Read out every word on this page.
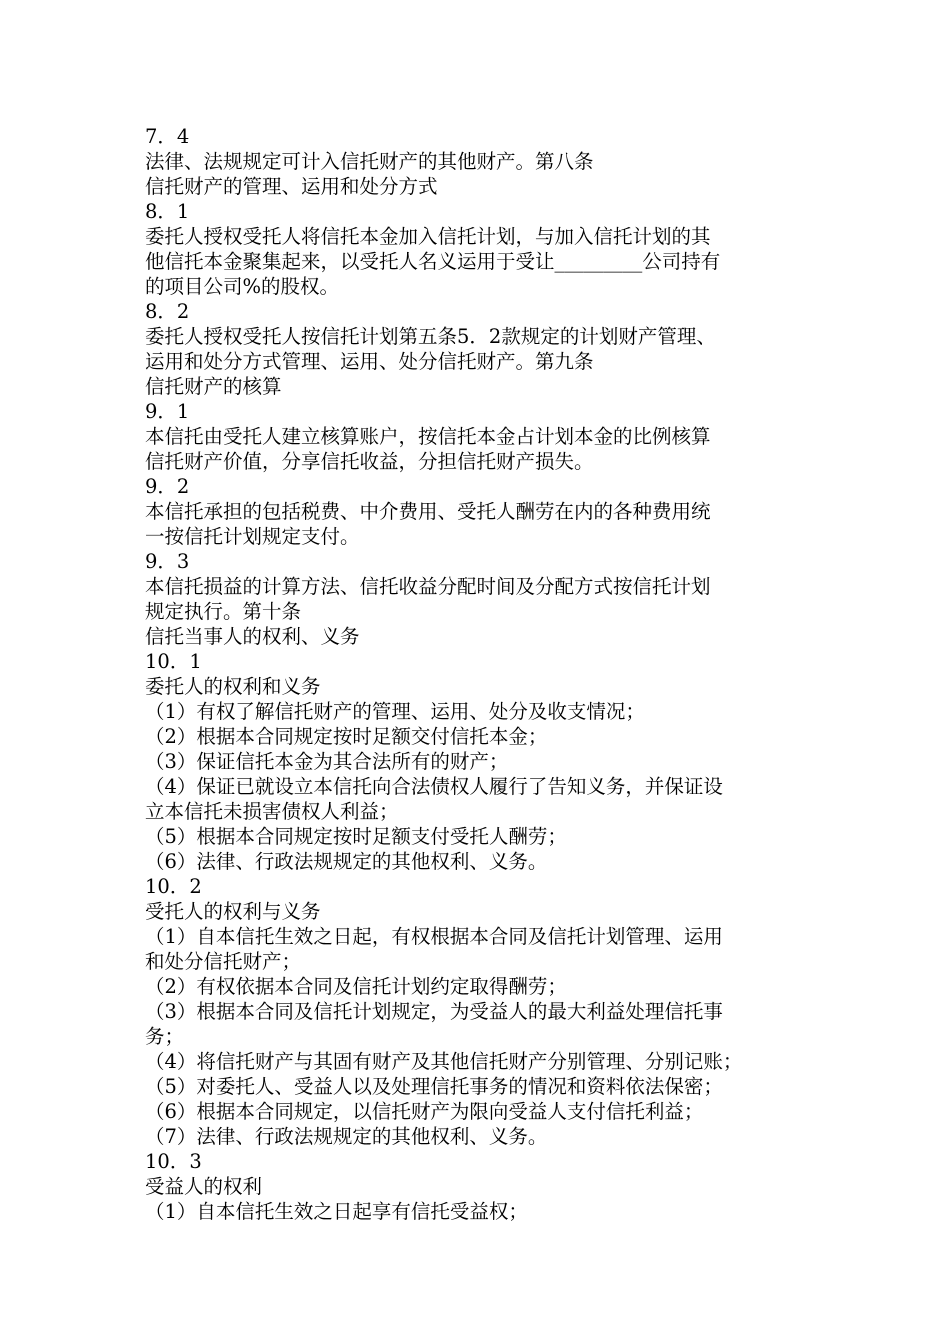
7．4
法律、法规规定可计入信托财产的其他财产。第八条
信托财产的管理、运用和处分方式
8．1
委托人授权受托人将信托本金加入信托计划，与加入信托计划的其
他信托本金聚集起来，以受托人名义运用于受让_________公司持有
的项目公司%的股权。
8．2
委托人授权受托人按信托计划第五条5．2款规定的计划财产管理、
运用和处分方式管理、运用、处分信托财产。第九条
信托财产的核算
9．1
本信托由受托人建立核算账户，按信托本金占计划本金的比例核算
信托财产价值，分享信托收益，分担信托财产损失。
9．2
本信托承担的包括税费、中介费用、受托人酬劳在内的各种费用统
一按信托计划规定支付。
9．3
本信托损益的计算方法、信托收益分配时间及分配方式按信托计划
规定执行。第十条
信托当事人的权利、义务
10．1
委托人的权利和义务
（1）有权了解信托财产的管理、运用、处分及收支情况；
（2）根据本合同规定按时足额交付信托本金；
（3）保证信托本金为其合法所有的财产；
（4）保证已就设立本信托向合法债权人履行了告知义务，并保证设
立本信托未损害债权人利益；
（5）根据本合同规定按时足额支付受托人酬劳；
（6）法律、行政法规规定的其他权利、义务。
10．2
受托人的权利与义务
（1）自本信托生效之日起，有权根据本合同及信托计划管理、运用
和处分信托财产；
（2）有权依据本合同及信托计划约定取得酬劳；
（3）根据本合同及信托计划规定，为受益人的最大利益处理信托事
务；
（4）将信托财产与其固有财产及其他信托财产分别管理、分别记账；
（5）对委托人、受益人以及处理信托事务的情况和资料依法保密；
（6）根据本合同规定，以信托财产为限向受益人支付信托利益；
（7）法律、行政法规规定的其他权利、义务。
10．3
受益人的权利
（1）自本信托生效之日起享有信托受益权；
